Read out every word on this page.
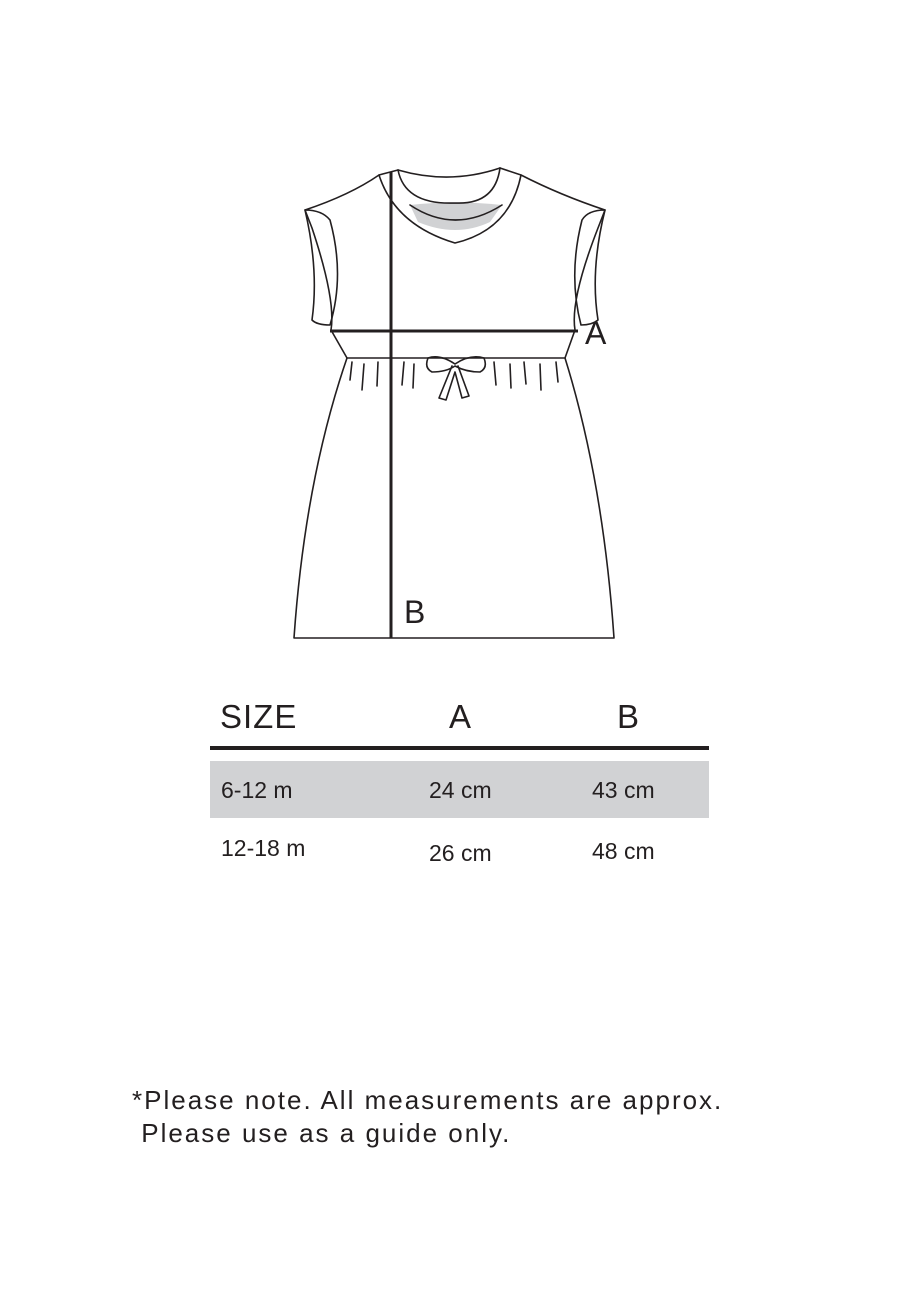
A
B
SIZE	A	B
6-12 m	24 cm	43 cm
12-18 m	26 cm	48 cm
*Please note. All measurements are approx.
Please use as a guide only.
